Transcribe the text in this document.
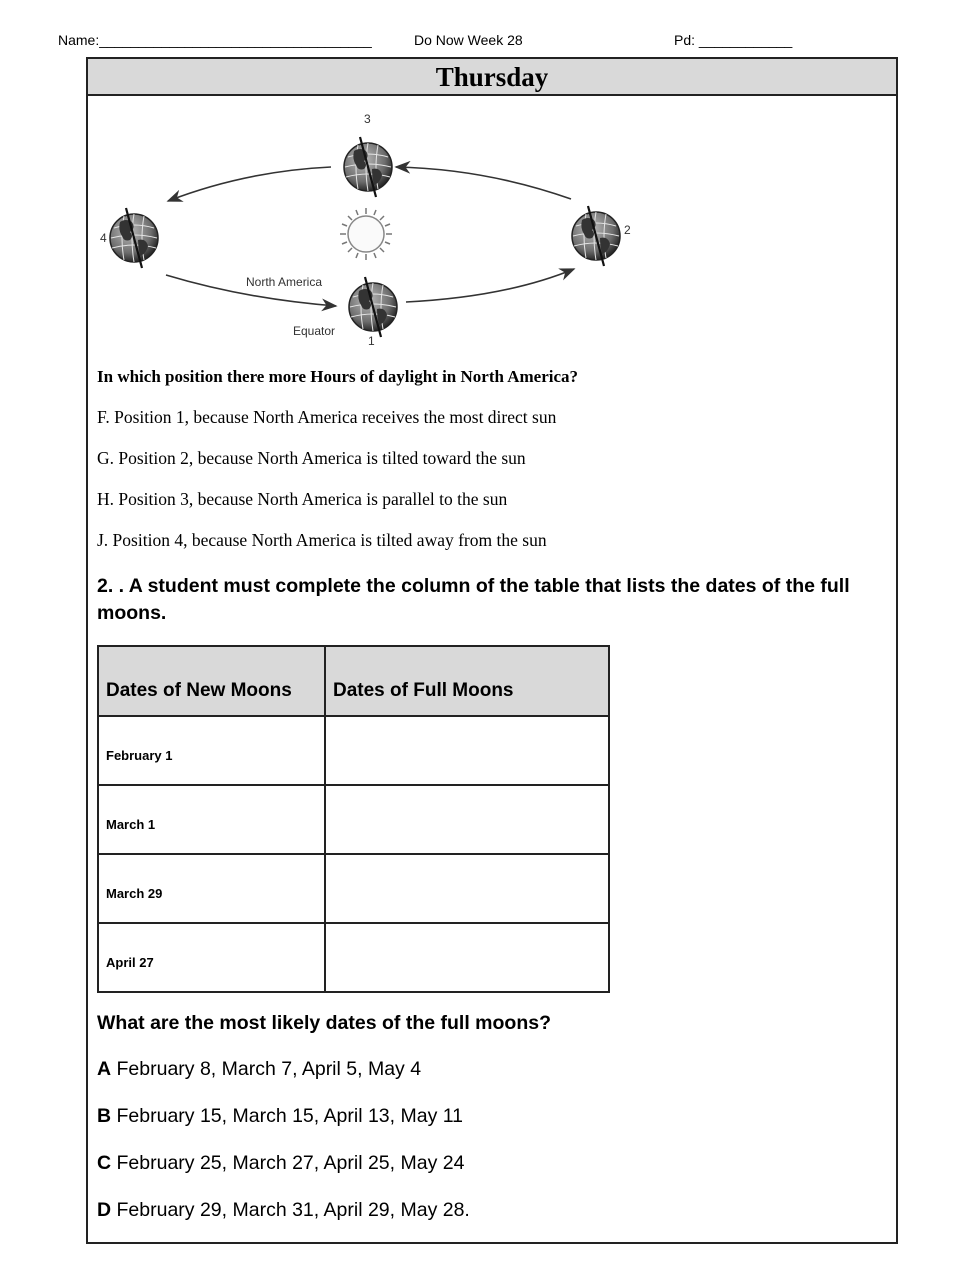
Name:___________________________________	Do Now Week 28	Pd: ____________
Thursday
3
4
2
1
North America
Equator
In which position there more Hours of daylight in North America?
F. Position 1, because North America receives the most direct sun
G. Position 2, because North America is tilted toward the sun
H. Position 3, because North America is parallel to the sun
J. Position 4, because North America is tilted away from the sun
2. . A student must complete the column of the table that lists the dates of the full moons.
Dates of New Moons	Dates of Full Moons
February 1	
March 1	
March 29	
April 27	
What are the most likely dates of the full moons?
A February 8, March 7, April 5, May 4
B February 15, March 15, April 13, May 11
C February 25, March 27, April 25, May 24
D February 29, March 31, April 29, May 28.
